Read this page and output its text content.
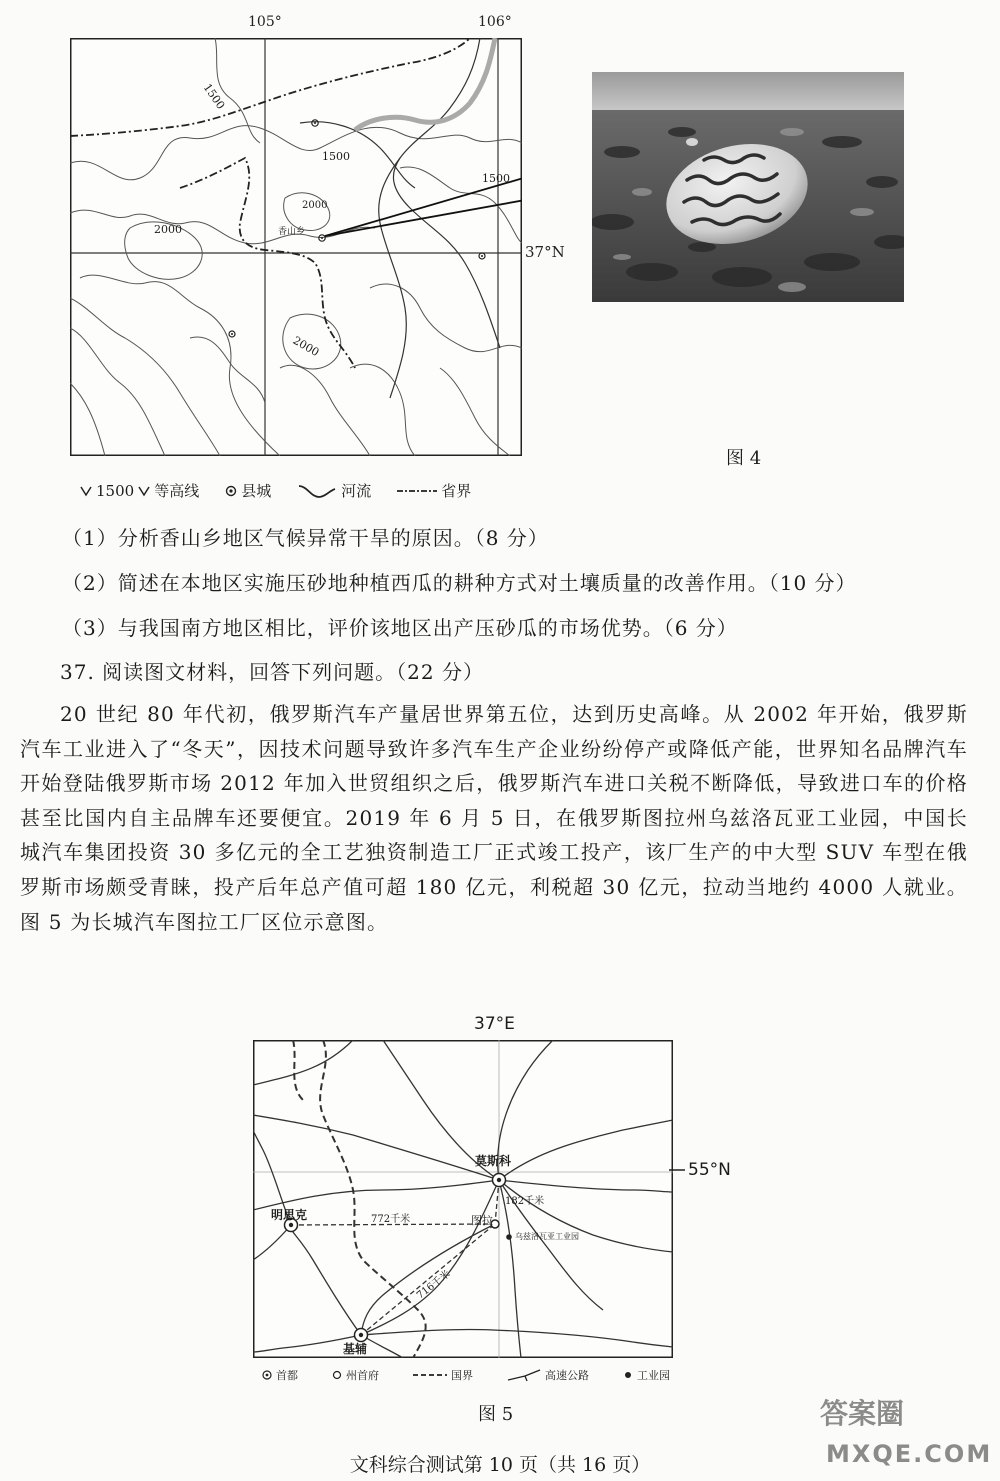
105°	106°
1500
1500
1500
2000
2000
2000
香山乡
37°N
图 4
1500 等高线	县城	河流	省界
（1）分析香山乡地区气候异常干旱的原因。（8 分）
（2）简述在本地区实施压砂地种植西瓜的耕种方式对土壤质量的改善作用。（10 分）
（3）与我国南方地区相比，评价该地区出产压砂瓜的市场优势。（6 分）
37. 阅读图文材料，回答下列问题。（22 分）

20 世纪 80 年代初，俄罗斯汽车产量居世界第五位，达到历史高峰。从 2002 年开始，俄罗斯汽车工业进入了“冬天”，因技术问题导致许多汽车生产企业纷纷停产或降低产能，世界知名品牌汽车开始登陆俄罗斯市场 2012 年加入世贸组织之后，俄罗斯汽车进口关税不断降低，导致进口车的价格甚至比国内自主品牌车还要便宜。2019 年 6 月 5 日，在俄罗斯图拉州乌兹洛瓦亚工业园，中国长城汽车集团投资 30 多亿元的全工艺独资制造工厂正式竣工投产，该厂生产的中大型 SUV 车型在俄罗斯市场颇受青睐，投产后年总产值可超 180 亿元，利税超 30 亿元，拉动当地约 4000 人就业。图 5 为长城汽车图拉工厂区位示意图。

37°E
莫斯科
明思克	图拉
基辅
772千米
182千米
716千米
乌兹洛瓦亚工业园
55°N
首都	州首府	国界	高速公路	工业园
图 5
文科综合测试第 10 页（共 16 页）
答案圈
MXQE.COM
